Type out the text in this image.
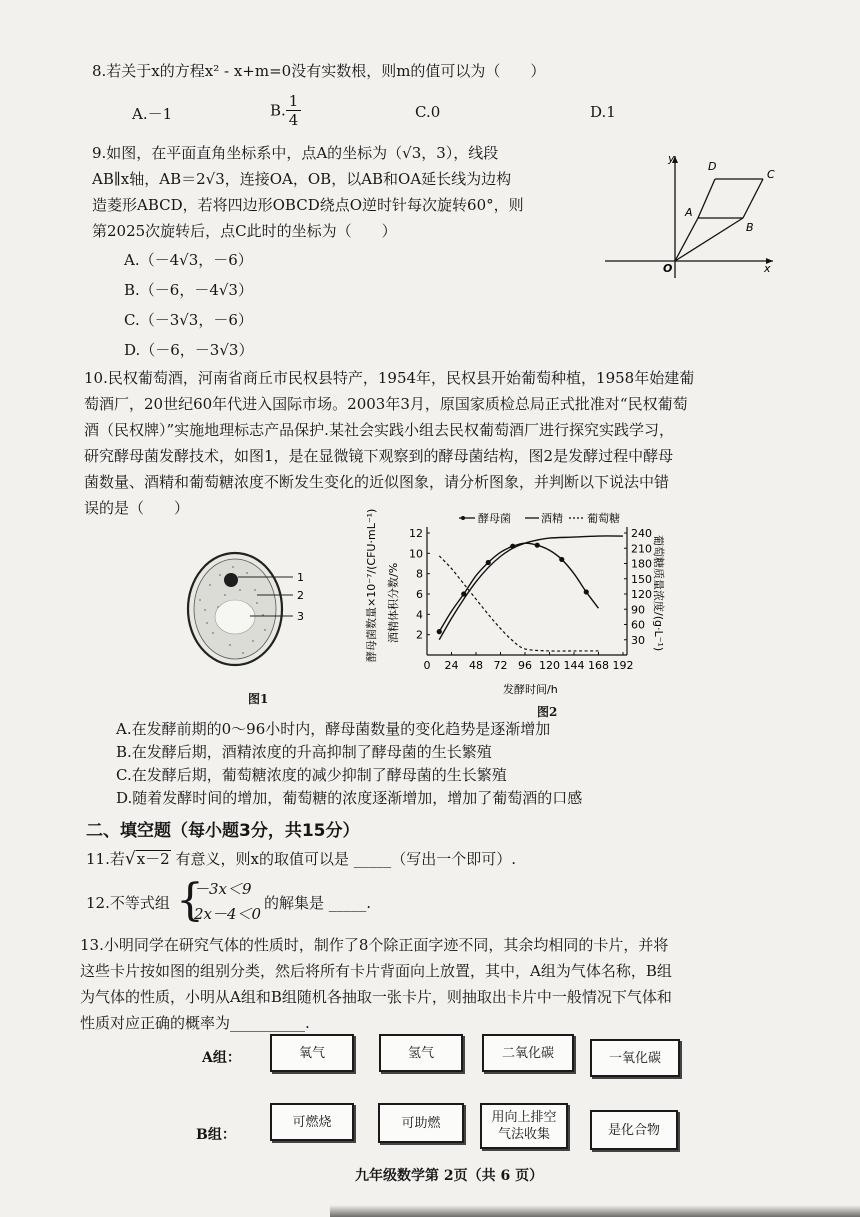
8.若关于x的方程x² - x+m=0没有实数根，则m的值可以为（　　）
A.－1	B. $\frac{1}{4}$	C.0	D.1
9.如图，在平面直角坐标系中，点A的坐标为（√3，3），线段
AB∥x轴，AB＝2√3，连接OA，OB，以AB和OA延长线为边构
造菱形ABCD，若将四边形OBCD绕点O逆时针每次旋转60°，则
第2025次旋转后，点C此时的坐标为（　　）
A.（－4√3，－6）
B.（－6，－4√3）
C.（－3√3，－6）
D.（－6，－3√3）
y
x
O
A
B
C
D
10.民权葡萄酒，河南省商丘市民权县特产，1954年，民权县开始葡萄种植，1958年始建葡
萄酒厂，20世纪60年代进入国际市场。2003年3月，原国家质检总局正式批准对“民权葡萄
酒（民权牌）”实施地理标志产品保护.某社会实践小组去民权葡萄酒厂进行探究实践学习，
研究酵母菌发酵技术，如图1，是在显微镜下观察到的酵母菌结构，图2是发酵过程中酵母
菌数量、酒精和葡萄糖浓度不断发生变化的近似图象，请分析图象，并判断以下说法中错
误的是（　　）
1
2
3
图1
酵母菌	酒精 葡萄糖
酵母菌数量×10⁻⁷/(CFU·mL⁻¹) 酒精体积分数/%	葡萄糖质量浓度/(g·L⁻¹)
发酵时间/h
0 24 48 72 96 120 144 168 192
2
4
6
8
10
12
30
60
90
120
150
180
210
240
图2
A.在发酵前期的0～96小时内，酵母菌数量的变化趋势是逐渐增加
B.在发酵后期，酒精浓度的升高抑制了酵母菌的生长繁殖
C.在发酵后期，葡萄糖浓度的减少抑制了酵母菌的生长繁殖
D.随着发酵时间的增加，葡萄糖的浓度逐渐增加，增加了葡萄酒的口感
二、填空题（每小题3分，共15分）
11.若√x－2 有意义，则x的取值可以是 _____（写出一个即可）.
12.不等式组 {
－3x＜9
2x－4＜0
的解集是 _____.
13.小明同学在研究气体的性质时，制作了8个除正面字迹不同，其余均相同的卡片，并将
这些卡片按如图的组别分类，然后将所有卡片背面向上放置，其中，A组为气体名称，B组
为气体的性质，小明从A组和B组随机各抽取一张卡片，则抽取出卡片中一般情况下气体和
性质对应正确的概率为__________.
A组：	氧气	氢气	二氧化碳	一氧化碳
B组：
可燃烧	可助燃	用向上排空
气法收集	是化合物
九年级数学第 2页（共 6 页）
